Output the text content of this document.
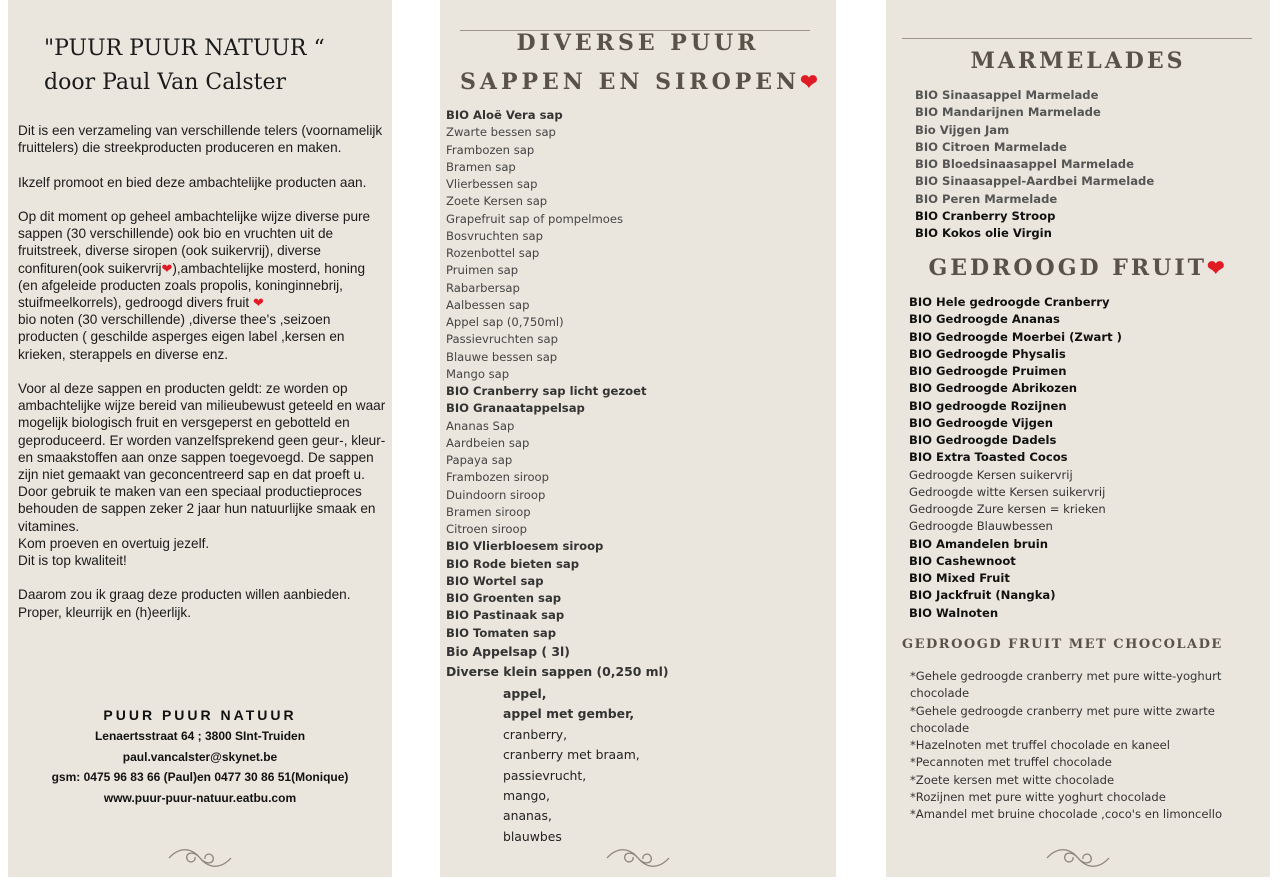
"PUUR PUUR NATUUR “
door Paul Van Calster

Dit is een verzameling van verschillende telers (voornamelijk fruittelers) die streekproducten produceren en maken.

Ikzelf promoot en bied deze ambachtelijke producten aan.

Op dit moment op geheel ambachtelijke wijze diverse pure sappen (30 verschillende) ook bio en vruchten uit de fruitstreek, diverse siropen (ook suikervrij), diverse confituren(ook suikervrij❤),ambachtelijke mosterd, honing (en afgeleide producten zoals propolis, koninginnebrij, stuifmeelkorrels), gedroogd divers fruit ❤
bio noten (30 verschillende) ,diverse thee's ,seizoen producten ( geschilde asperges eigen label ,kersen en krieken, sterappels en diverse enz.

Voor al deze sappen en producten geldt: ze worden op ambachtelijke wijze bereid van milieubewust geteeld en waar mogelijk biologisch fruit en versgeperst en gebotteld en geproduceerd. Er worden vanzelfsprekend geen geur-, kleur- en smaakstoffen aan onze sappen toegevoegd. De sappen zijn niet gemaakt van geconcentreerd sap en dat proeft u.
Door gebruik te maken van een speciaal productieproces behouden de sappen zeker 2 jaar hun natuurlijke smaak en vitamines.
Kom proeven en overtuig jezelf.
Dit is top kwaliteit!

Daarom zou ik graag deze producten willen aanbieden.
Proper, kleurrijk en (h)eerlijk.

PUUR PUUR NATUUR
Lenaertsstraat 64 ; 3800 SInt-Truiden
paul.vancalster@skynet.be
gsm: 0475 96 83 66 (Paul)en 0477 30 86 51(Monique)
www.puur-puur-natuur.eatbu.com
DIVERSE PUUR
SAPPEN EN SIROPEN❤
BIO Aloë Vera sap
Zwarte bessen sap
Frambozen sap
Bramen sap
Vlierbessen sap
Zoete Kersen sap
Grapefruit sap of pompelmoes
Bosvruchten sap
Rozenbottel sap
Pruimen sap
Rabarbersap
Aalbessen sap
Appel sap (0,750ml)
Passievruchten sap
Blauwe bessen sap
Mango sap
BIO Cranberry sap licht gezoet
BIO Granaatappelsap
Ananas Sap
Aardbeien sap
Papaya sap
Frambozen siroop
Duindoorn siroop
Bramen siroop
Citroen siroop
BIO Vlierbloesem siroop
BIO Rode bieten sap
BIO Wortel sap
BIO Groenten sap
BIO Pastinaak sap
BIO Tomaten sap
Bio Appelsap ( 3l)
Diverse klein sappen (0,250 ml)
appel,
appel met gember,
cranberry,
cranberry met braam,
passievrucht,
mango,
ananas,
blauwbes
MARMELADES
BIO Sinaasappel Marmelade
BIO Mandarijnen Marmelade
Bio Vijgen Jam
BIO Citroen Marmelade
BIO Bloedsinaasappel Marmelade
BIO Sinaasappel-Aardbei Marmelade
BIO Peren Marmelade
BIO Cranberry Stroop
BIO Kokos olie Virgin
GEDROOGD FRUIT❤
BIO Hele gedroogde Cranberry
BIO Gedroogde Ananas
BIO Gedroogde Moerbei (Zwart )
BIO Gedroogde Physalis
BIO Gedroogde Pruimen
BIO Gedroogde Abrikozen
BIO gedroogde Rozijnen
BIO Gedroogde Vijgen
BIO Gedroogde Dadels
BIO Extra Toasted Cocos
Gedroogde Kersen suikervrij
Gedroogde witte Kersen suikervrij
Gedroogde Zure kersen = krieken
Gedroogde Blauwbessen
BIO Amandelen bruin
BIO Cashewnoot
BIO Mixed Fruit
BIO Jackfruit (Nangka)
BIO Walnoten
GEDROOGD FRUIT MET CHOCOLADE
*Gehele gedroogde cranberry met pure witte-yoghurt chocolade
*Gehele gedroogde cranberry met pure witte zwarte chocolade
*Hazelnoten met truffel chocolade en kaneel
*Pecannoten met truffel chocolade
*Zoete kersen met witte chocolade
*Rozijnen met pure witte yoghurt chocolade
*Amandel met bruine chocolade ,coco's en limoncello
